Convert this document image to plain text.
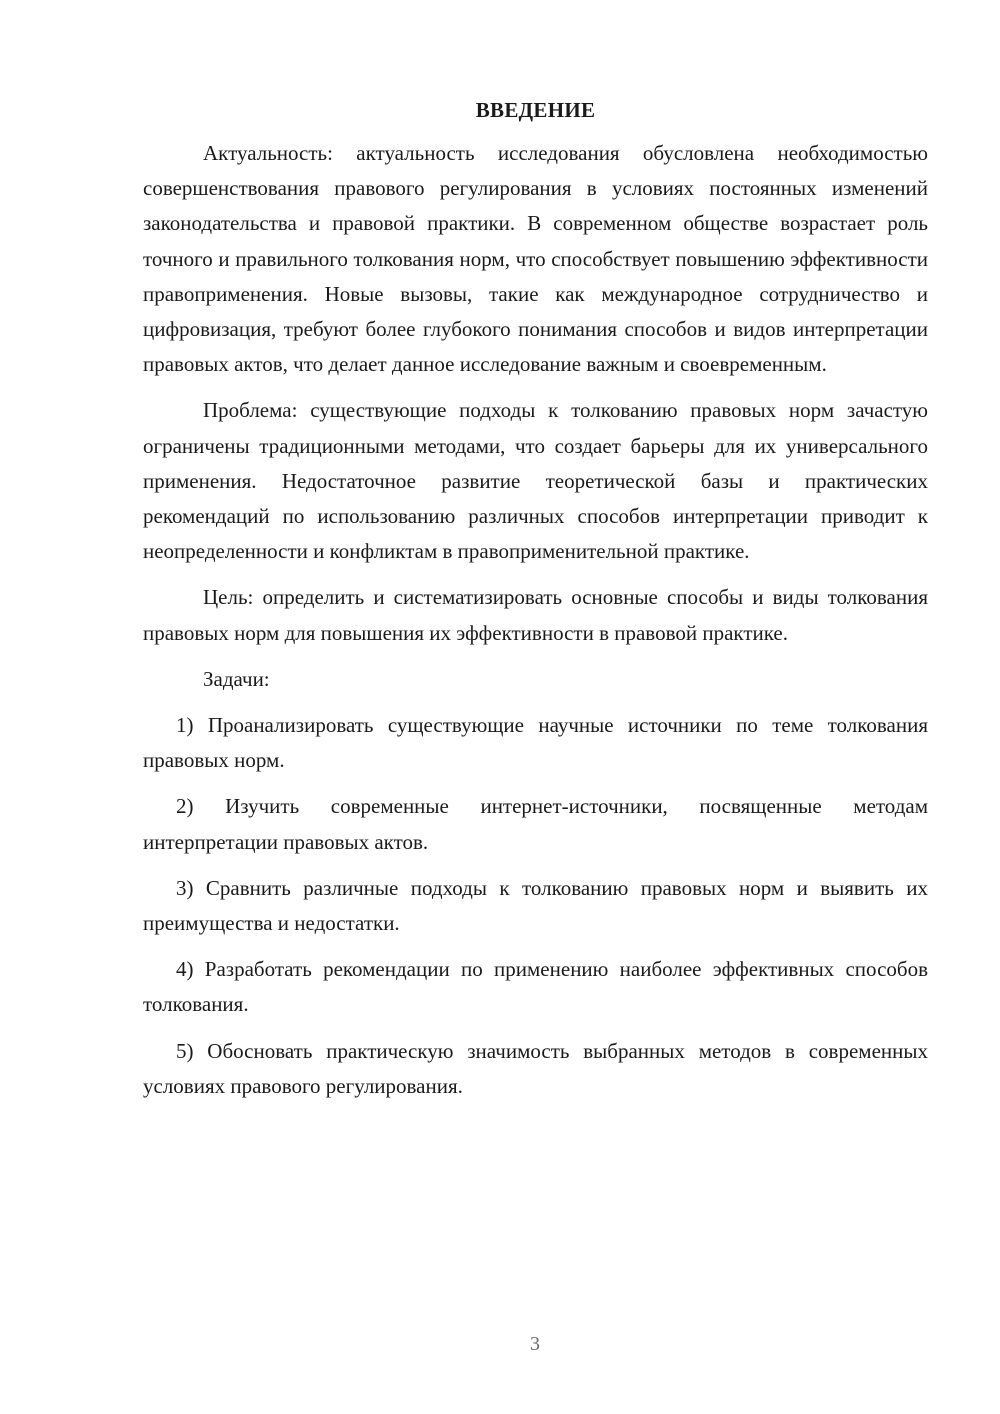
ВВЕДЕНИЕ

Актуальность: актуальность исследования обусловлена необходимостью совершенствования правового регулирования в условиях постоянных изменений законодательства и правовой практики. В современном обществе возрастает роль точного и правильного толкования норм, что способствует повышению эффективности правоприменения. Новые вызовы, такие как международное сотрудничество и цифровизация, требуют более глубокого понимания способов и видов интерпретации правовых актов, что делает данное исследование важным и своевременным.

Проблема: существующие подходы к толкованию правовых норм зачастую ограничены традиционными методами, что создает барьеры для их универсального применения. Недостаточное развитие теоретической базы и практических рекомендаций по использованию различных способов интерпретации приводит к неопределенности и конфликтам в правоприменительной практике.

Цель: определить и систематизировать основные способы и виды толкования правовых норм для повышения их эффективности в правовой практике.

Задачи:

1) Проанализировать существующие научные источники по теме толкования правовых норм.

2) Изучить современные интернет-источники, посвященные методам интерпретации правовых актов.

3) Сравнить различные подходы к толкованию правовых норм и выявить их преимущества и недостатки.

4) Разработать рекомендации по применению наиболее эффективных способов толкования.

5) Обосновать практическую значимость выбранных методов в современных условиях правового регулирования.

3
